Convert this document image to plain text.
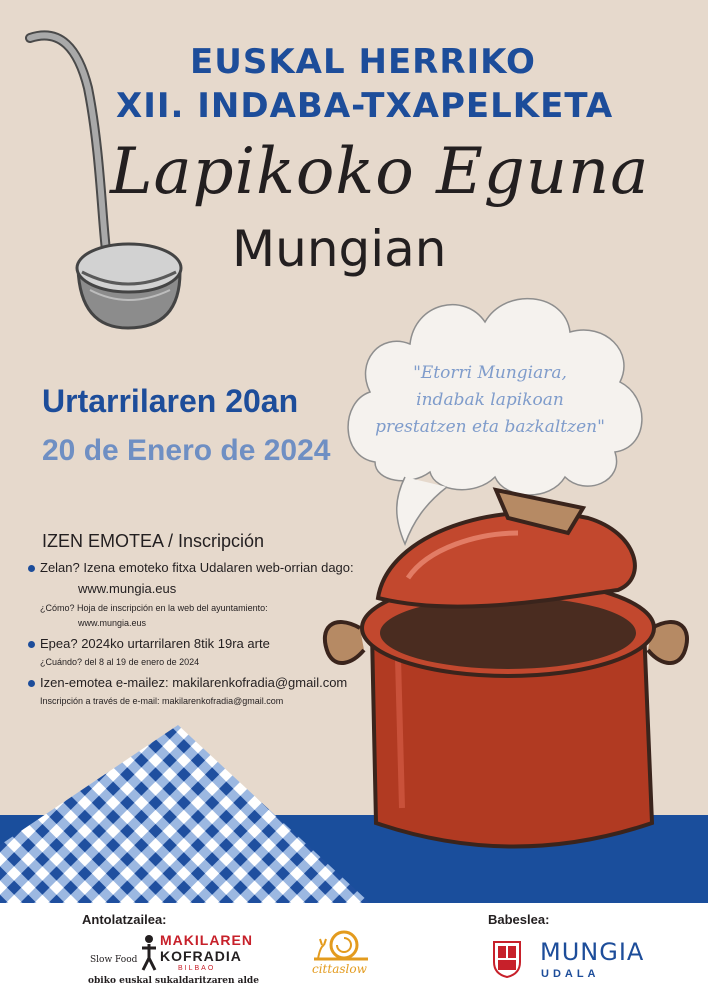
EUSKAL HERRIKO
XII. INDABA-TXAPELKETA
Lapikoko Eguna
Mungian
Urtarrilaren 20an
20 de Enero de 2024
"Etorri Mungiara,
indabak lapikoan
prestatzen eta bazkaltzen"
IZEN EMOTEA / Inscripción
Zelan? Izena emoteko fitxa Udalaren web-orrian dago:
www.mungia.eus
¿Cómo? Hoja de inscripción en la web del ayuntamiento:
www.mungia.eus
Epea? 2024ko urtarrilaren 8tik 19ra arte
¿Cuándo? del 8 al 19 de enero de 2024
Izen-emotea e-mailez: makilarenkofradia@gmail.com
Inscripción a través de e-mail: makilarenkofradia@gmail.com
Antolatzailea:	Babeslea:
Slow Food
MAKILAREN
KOFRADIA
BILBAO
obiko euskal sukaldaritzaren alde
cittaslow
MUNGIA
UDALA
